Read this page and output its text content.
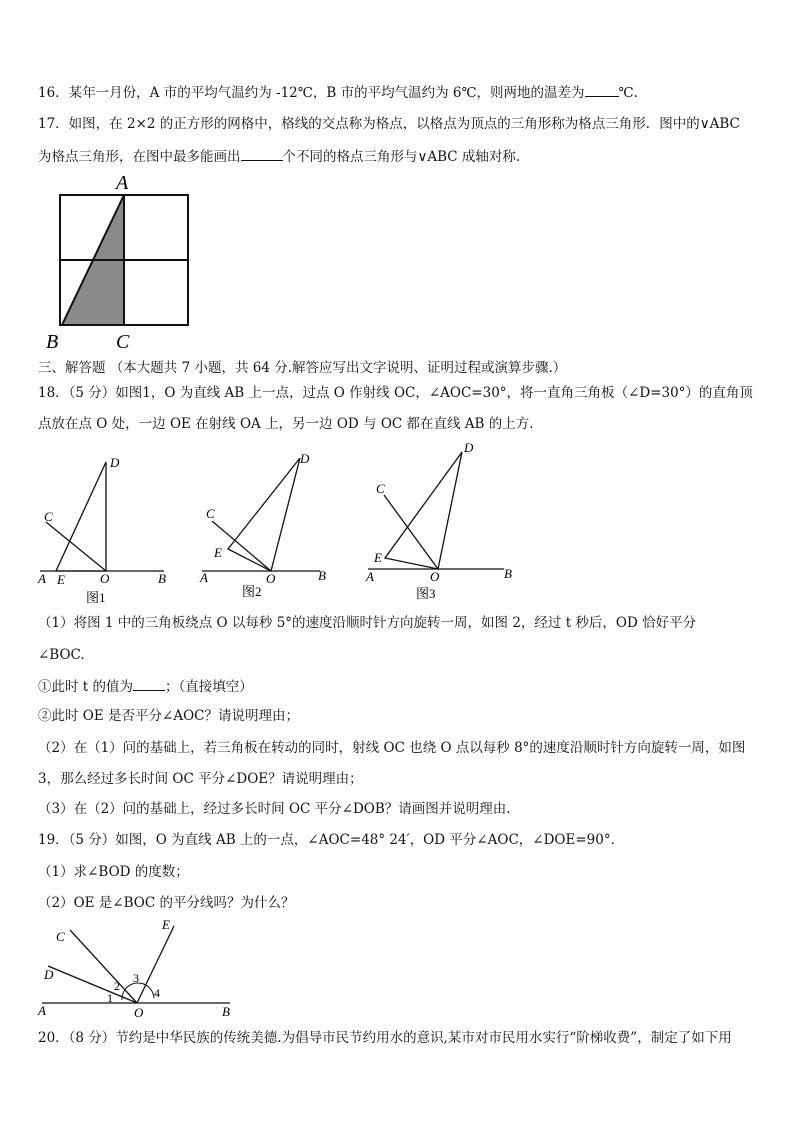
16．某年一月份，A 市的平均气温约为 -12℃，B 市的平均气温约为 6℃，则两地的温差为	℃.
17．如图，在 2×2 的正方形的网格中，格线的交点称为格点，以格点为顶点的三角形称为格点三角形．图中的∨ABC
为格点三角形，在图中最多能画出	个不同的格点三角形与∨ABC 成轴对称.
A
B	C
三、解答题 （本大题共 7 小题，共 64 分.解答应写出文字说明、证明过程或演算步骤.）
18．（5 分）如图1，O 为直线 AB 上一点，过点 O 作射线 OC，∠AOC=30°，将一直角三角板（∠D=30°）的直角顶
点放在点 O 处，一边 OE 在射线 OA 上，另一边 OD 与 OC 都在直线 AB 的上方.
D
C
A E	O	B
图1
D
C
E
A	O	B
图2
D
C
E
A	O	B
图3
（1）将图 1 中的三角板绕点 O 以每秒 5°的速度沿顺时针方向旋转一周，如图 2，经过 t 秒后，OD 恰好平分
∠BOC.
①此时 t 的值为 ；（直接填空）
②此时 OE 是否平分∠AOC？请说明理由；
（2）在（1）问的基础上，若三角板在转动的同时，射线 OC 也绕 O 点以每秒 8°的速度沿顺时针方向旋转一周，如图
3，那么经过多长时间 OC 平分∠DOE？请说明理由；
（3）在（2）问的基础上，经过多长时间 OC 平分∠DOB？请画图并说明理由.
19．（5 分）如图，O 为直线 AB 上的一点，∠AOC=48° 24′，OD 平分∠AOC，∠DOE=90°．
（1）求∠BOD 的度数；
（2）OE 是∠BOC 的平分线吗？为什么？
C
E
D
A	O	B
1
2
3
4
20．（8 分）节约是中华民族的传统美德.为倡导市民节约用水的意识,某市对市民用水实行“阶梯收费”，制定了如下用
